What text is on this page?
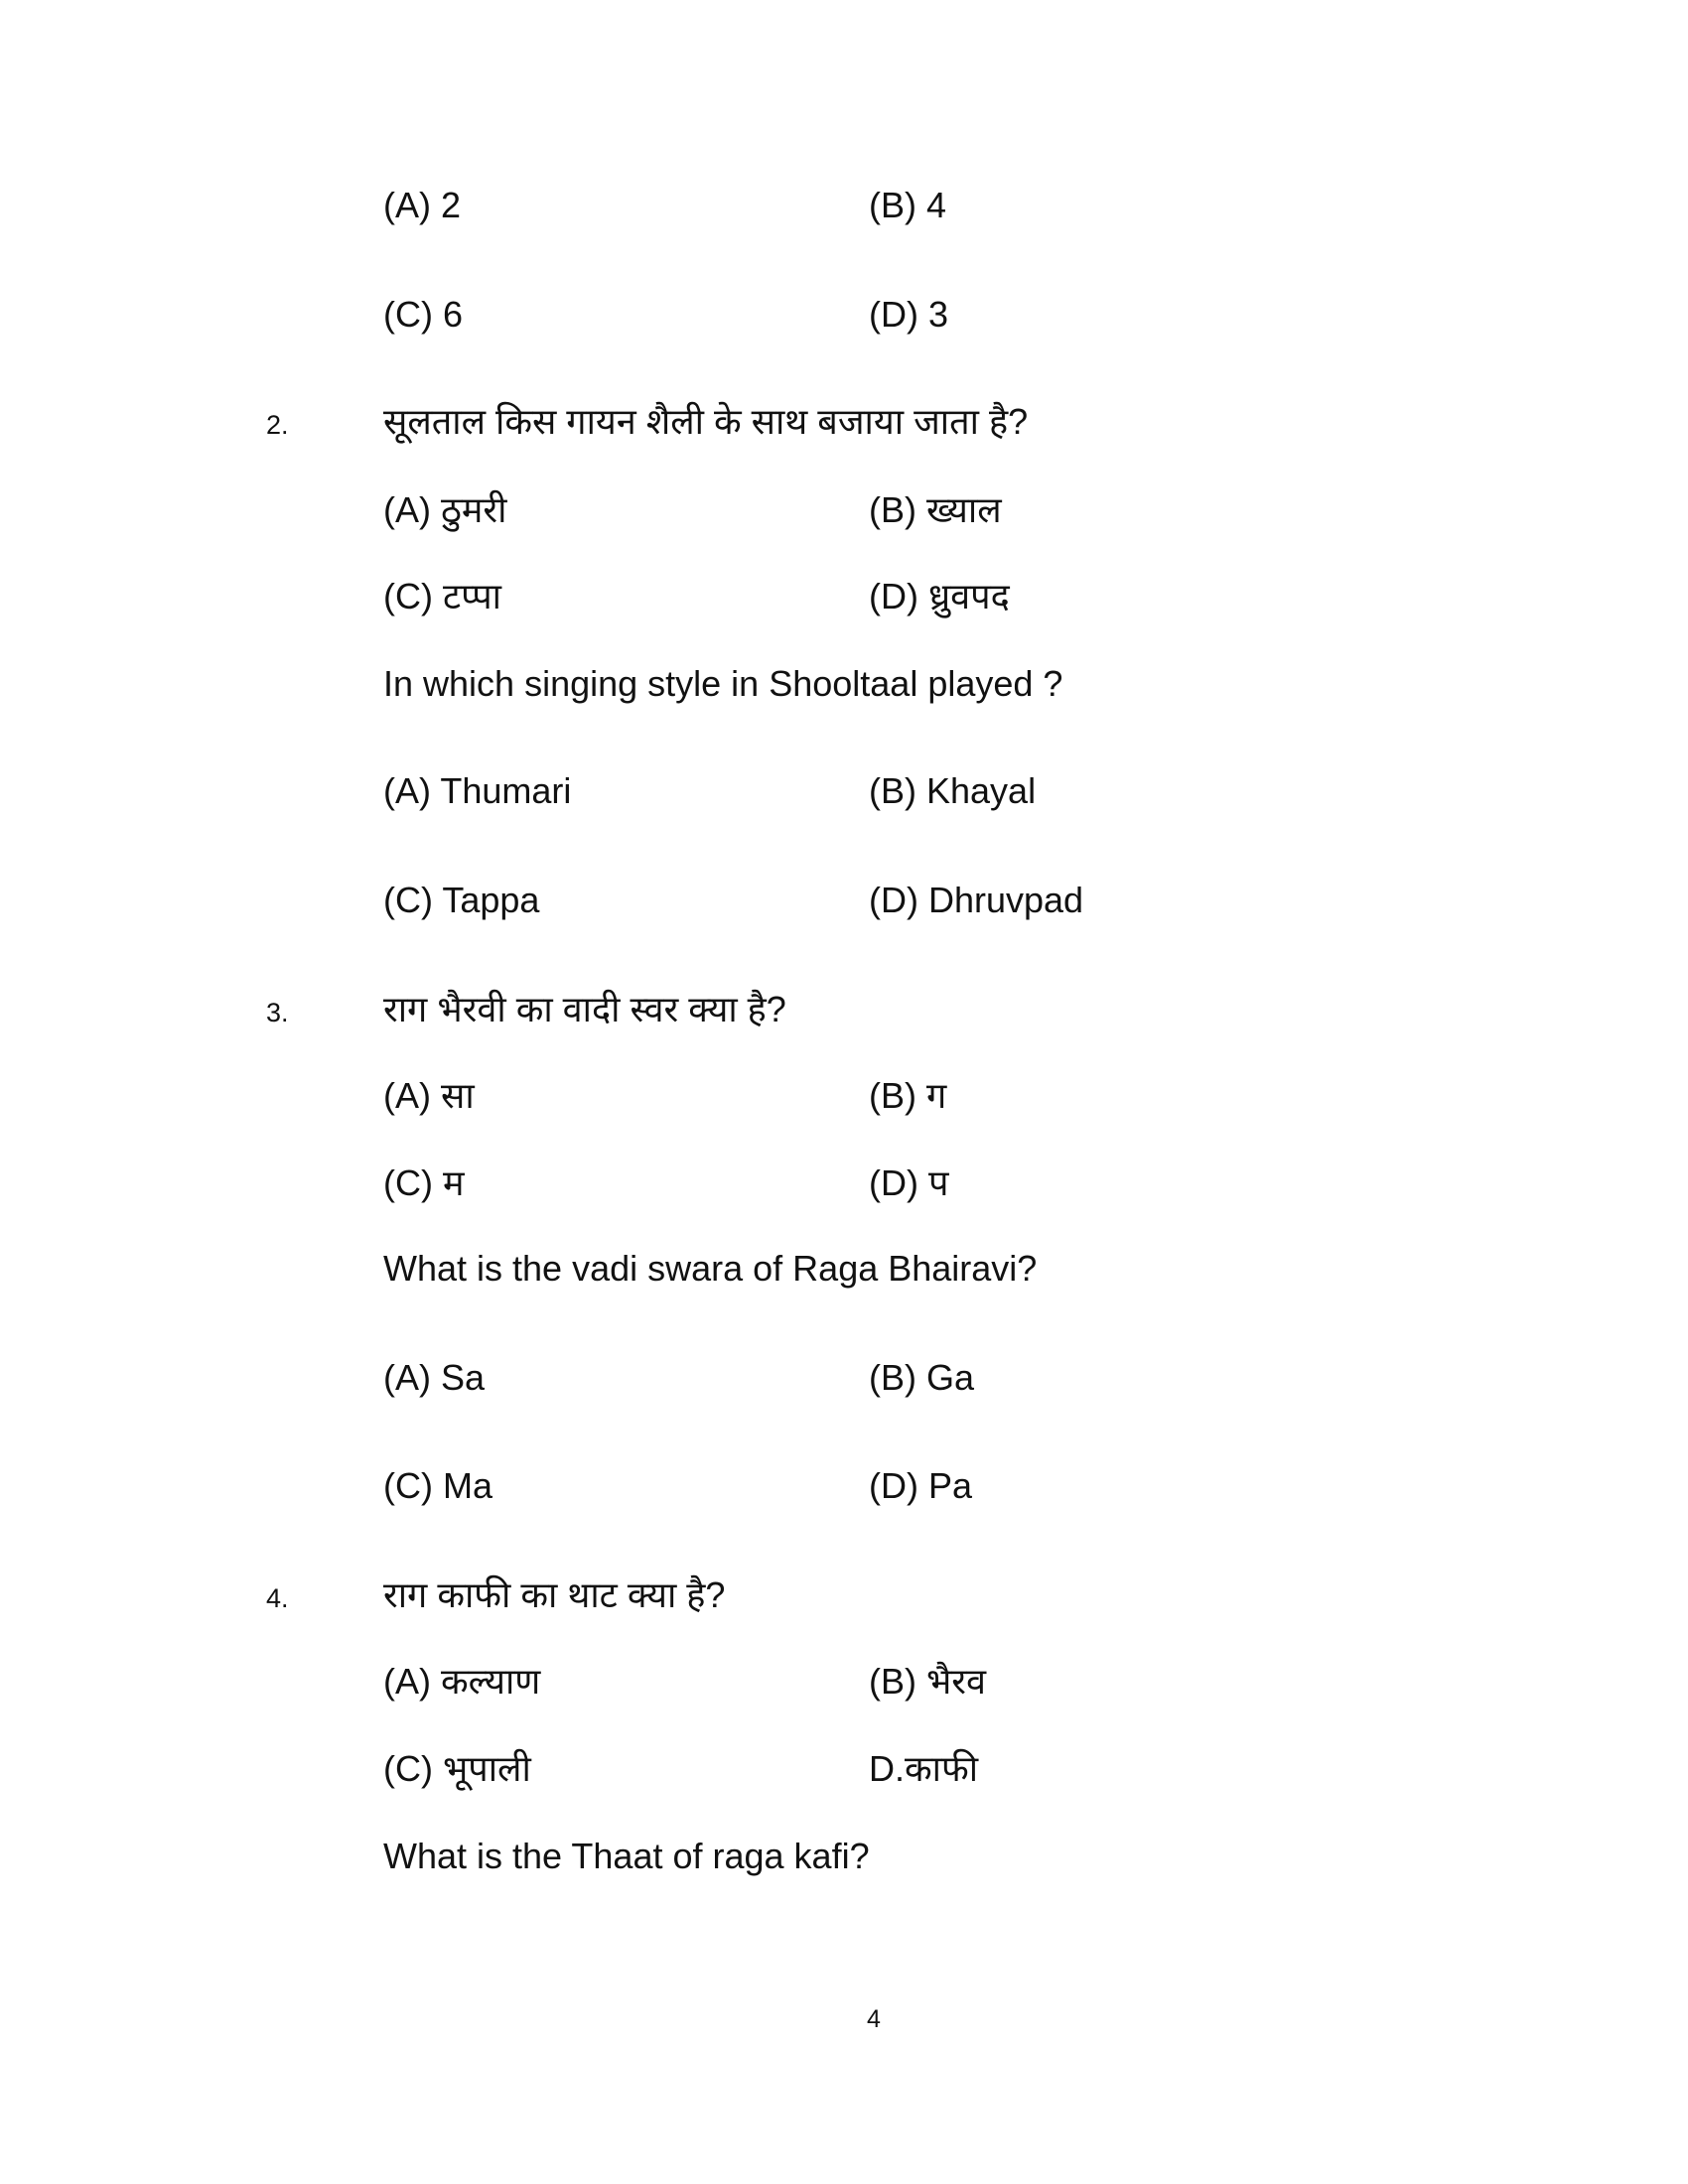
(A) 2	(B) 4
(C) 6	(D) 3
2.	सूलताल किस गायन शैली के साथ बजाया जाता है?
(A) ठुमरी	(B) ख्याल
(C) टप्पा	(D) ध्रुवपद
In which singing style in Shooltaal played ?
(A) Thumari	(B) Khayal
(C) Tappa	(D) Dhruvpad
3.	राग भैरवी का वादी स्वर क्या है?
(A) सा	(B) ग
(C) म	(D) प
What is the vadi swara of Raga Bhairavi?
(A) Sa	(B) Ga
(C) Ma	(D) Pa
4.	राग काफी का थाट क्या है?
(A) कल्याण	(B) भैरव
(C) भूपाली	D.काफी
What is the Thaat of raga kafi?
4
